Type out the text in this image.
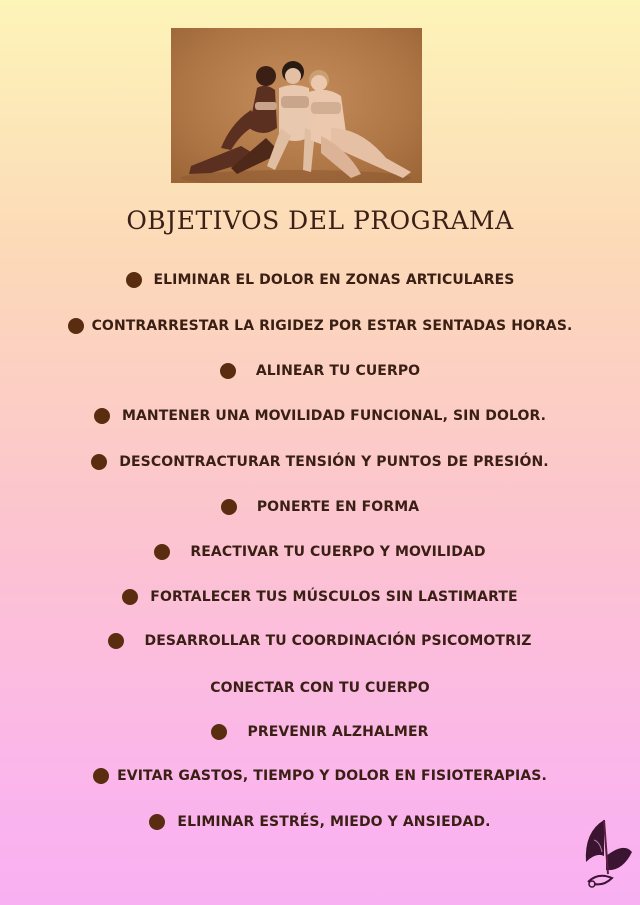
OBJETIVOS DEL PROGRAMA
ELIMINAR EL DOLOR EN ZONAS ARTICULARES
CONTRARRESTAR LA RIGIDEZ POR ESTAR SENTADAS HORAS.
ALINEAR TU CUERPO
MANTENER UNA MOVILIDAD FUNCIONAL, SIN DOLOR.
DESCONTRACTURAR TENSIÓN Y PUNTOS DE PRESIÓN.
PONERTE EN FORMA
REACTIVAR TU CUERPO Y MOVILIDAD
FORTALECER TUS MÚSCULOS SIN LASTIMARTE
DESARROLLAR TU COORDINACIÓN PSICOMOTRIZ
CONECTAR CON TU CUERPO
PREVENIR ALZHALMER
EVITAR GASTOS, TIEMPO Y DOLOR EN FISIOTERAPIAS.
ELIMINAR ESTRÉS, MIEDO Y ANSIEDAD.
